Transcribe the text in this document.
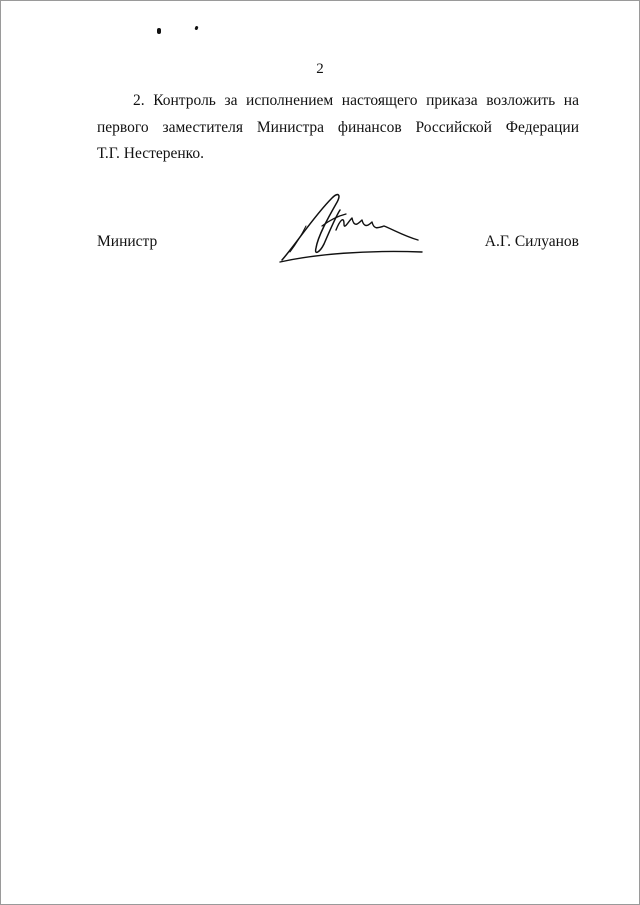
2
2. Контроль за исполнением настоящего приказа возложить на
первого заместителя Министра финансов Российской Федерации
Т.Г. Нестеренко.
Министр	А.Г. Силуанов
